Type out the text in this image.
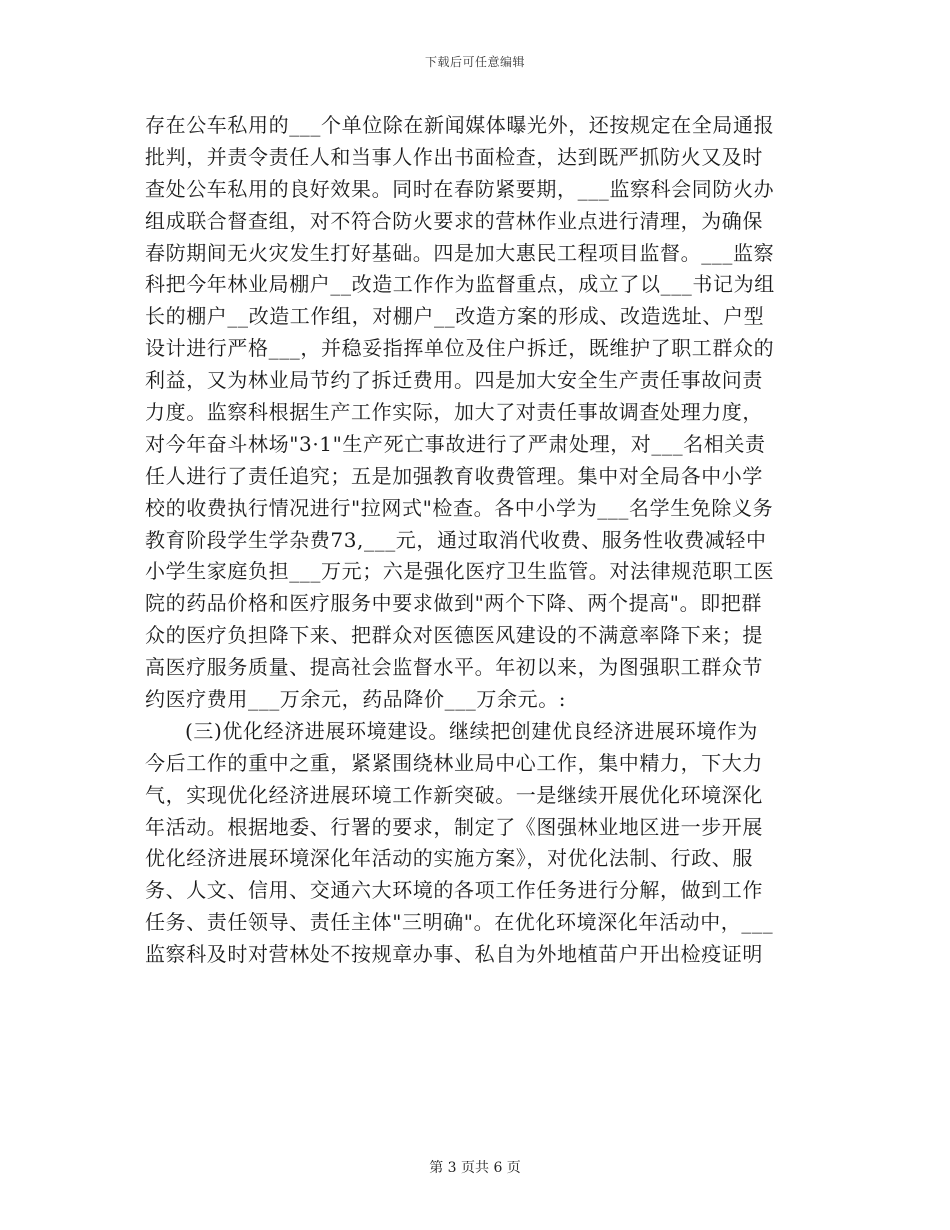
下载后可任意编辑
存在公车私用的___个单位除在新闻媒体曝光外，还按规定在全局通报
批判，并责令责任人和当事人作出书面检查，达到既严抓防火又及时
查处公车私用的良好效果。同时在春防紧要期，___监察科会同防火办
组成联合督查组，对不符合防火要求的营林作业点进行清理，为确保
春防期间无火灾发生打好基础。四是加大惠民工程项目监督。___监察
科把今年林业局棚户__改造工作作为监督重点，成立了以___书记为组
长的棚户__改造工作组，对棚户__改造方案的形成、改造选址、户型
设计进行严格___，并稳妥指挥单位及住户拆迁，既维护了职工群众的
利益，又为林业局节约了拆迁费用。四是加大安全生产责任事故问责
力度。监察科根据生产工作实际，加大了对责任事故调查处理力度，
对今年奋斗林场"3·1"生产死亡事故进行了严肃处理，对___名相关责
任人进行了责任追究；五是加强教育收费管理。集中对全局各中小学
校的收费执行情况进行"拉网式"检查。各中小学为___名学生免除义务
教育阶段学生学杂费73,___元，通过取消代收费、服务性收费减轻中
小学生家庭负担___万元；六是强化医疗卫生监管。对法律规范职工医
院的药品价格和医疗服务中要求做到"两个下降、两个提高"。即把群
众的医疗负担降下来、把群众对医德医风建设的不满意率降下来；提
高医疗服务质量、提高社会监督水平。年初以来，为图强职工群众节
约医疗费用___万余元，药品降价___万余元。:
(三)优化经济进展环境建设。继续把创建优良经济进展环境作为
今后工作的重中之重，紧紧围绕林业局中心工作，集中精力，下大力
气，实现优化经济进展环境工作新突破。一是继续开展优化环境深化
年活动。根据地委、行署的要求，制定了《图强林业地区进一步开展
优化经济进展环境深化年活动的实施方案》，对优化法制、行政、服
务、人文、信用、交通六大环境的各项工作任务进行分解，做到工作
任务、责任领导、责任主体"三明确"。在优化环境深化年活动中，___
监察科及时对营林处不按规章办事、私自为外地植苗户开出检疫证明
第 3 页共 6 页
